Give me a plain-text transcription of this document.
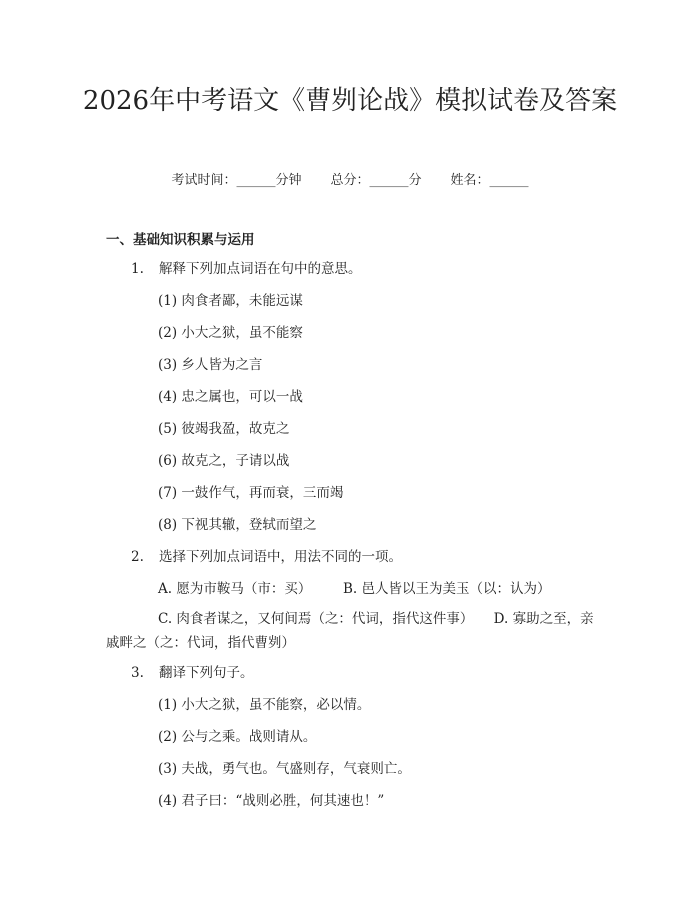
2026年中考语文《曹刿论战》模拟试卷及答案
考试时间：______分钟 总分：______分 姓名：______
一、基础知识积累与运用
1. 解释下列加点词语在句中的意思。
(1) 肉食者鄙，未能远谋
(2) 小大之狱，虽不能察
(3) 乡人皆为之言
(4) 忠之属也，可以一战
(5) 彼竭我盈，故克之
(6) 故克之，子请以战
(7) 一鼓作气，再而衰，三而竭
(8) 下视其辙，登轼而望之
2. 选择下列加点词语中，用法不同的一项。
A. 愿为市鞍马（市：买） B. 邑人皆以王为美玉（以：认为）
C. 肉食者谋之，又何间焉（之：代词，指代这件事）　　D. 寡助之至，亲戚畔之（之：代词，指代曹刿）
3. 翻译下列句子。
(1) 小大之狱，虽不能察，必以情。
(2) 公与之乘。战则请从。
(3) 夫战，勇气也。气盛则存，气衰则亡。
(4) 君子曰：“战则必胜，何其速也！”
